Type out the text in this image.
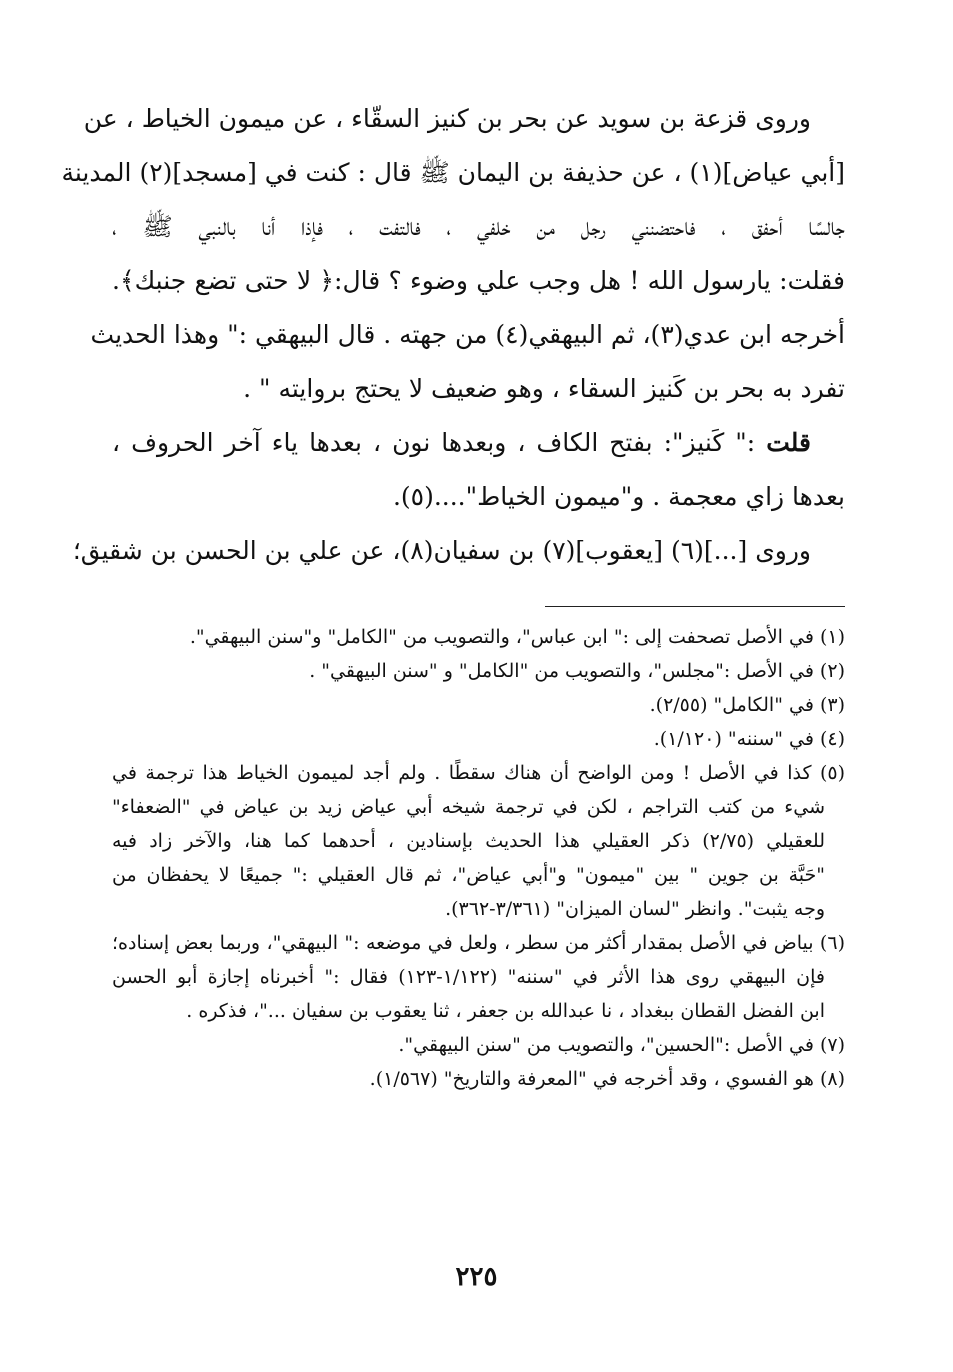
وروى قزعة بن سويد عن بحر بن كنيز السقّاء ، عن ميمون الخياط ، عن
[أبي عياض](١) ، عن حذيفة بن اليمان ﷺ قال : كنت في [مسجد](٢) المدينة
جالسًا أحفق ، فاحتضنني رجل من خلفي ، فالتفت ، فإذا أنا بالنبي ﷺ ،
فقلت: يارسول الله ! هل وجب علي وضوء ؟ قال:﴿ لا حتى تضع جنبك﴾.
أخرجه ابن عدي(٣)، ثم البيهقي(٤) من جهته . قال البيهقي :" وهذا الحديث
تفرد به بحر بن كَنيز السقاء ، وهو ضعيف لا يحتج بروايته " .
قلت :" كَنيز": بفتح الكاف ، وبعدها نون ، بعدها ياء آخر الحروف ،
بعدها زاي معجمة . و"ميمون الخياط"....(٥).
وروى [...](٦) [يعقوب](٧) بن سفيان(٨)، عن علي بن الحسن بن شقيق؛
(١) في الأصل تصحفت إلى :" ابن عباس"، والتصويب من "الكامل" و"سنن البيهقي".
(٢) في الأصل :"مجلس"، والتصويب من "الكامل" و "سنن البيهقي" .
(٣) في "الكامل" (٢/٥٥).
(٤) في "سننه" (١/١٢٠).
(٥) كذا في الأصل ! ومن الواضح أن هناك سقطًا . ولم أجد لميمون الخياط هذا ترجمة في
شيء من كتب التراجم ، لكن في ترجمة شيخه أبي عياض زيد بن عياض في "الضعفاء"
للعقيلي (٢/٧٥) ذكر العقيلي هذا الحديث بإسنادين ، أحدهما كما هنا، والآخر زاد فيه
"حَبَّة بن جوين " بين "ميمون" و"أبي عياض"، ثم قال العقيلي :" جميعًا لا يحفظان من
وجه يثبت". وانظر "لسان الميزان" (٣/٣٦١-٣٦٢).
(٦) بياض في الأصل بمقدار أكثر من سطر ، ولعل في موضعه :" البيهقي"، وربما بعض إسناده؛
فإن البيهقي روى هذا الأثر في "سننه" (١/١٢٢-١٢٣) فقال :" أخبرناه إجازة أبو الحسن
ابن الفضل القطان ببغداد ، نا عبدالله بن جعفر ، ثنا يعقوب بن سفيان ..."، فذكره .
(٧) في الأصل :"الحسين"، والتصويب من "سنن البيهقي".
(٨) هو الفسوي ، وقد أخرجه في "المعرفة والتاريخ" (١/٥٦٧).
٢٢٥
